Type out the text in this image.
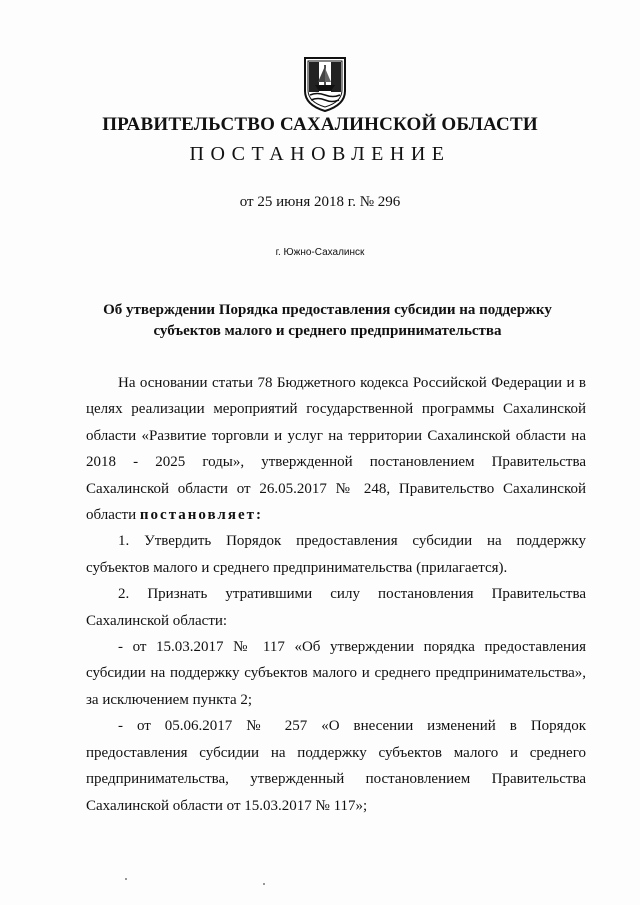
ПРАВИТЕЛЬСТВО САХАЛИНСКОЙ ОБЛАСТИ
ПОСТАНОВЛЕНИЕ
от 25 июня 2018 г. № 296
г. Южно-Сахалинск
Об утверждении Порядка предоставления субсидии на поддержку
субъектов малого и среднего предпринимательства

На основании статьи 78 Бюджетного кодекса Российской Федерации и в целях реализации мероприятий государственной программы Сахалинской области «Развитие торговли и услуг на территории Сахалинской области на 2018 - 2025 годы», утвержденной постановлением Правительства Сахалинской области от 26.05.2017 № 248, Правительство Сахалинской области постановляет:

1. Утвердить Порядок предоставления субсидии на поддержку субъектов малого и среднего предпринимательства (прилагается).

2. Признать утратившими силу постановления Правительства Сахалинской области:

- от 15.03.2017 № 117 «Об утверждении порядка предоставления субсидии на поддержку субъектов малого и среднего предпринимательства», за исключением пункта 2;

- от 05.06.2017 № 257 «О внесении изменений в Порядок предоставления субсидии на поддержку субъектов малого и среднего предпринимательства, утвержденный постановлением Правительства Сахалинской области от 15.03.2017 № 117»;
